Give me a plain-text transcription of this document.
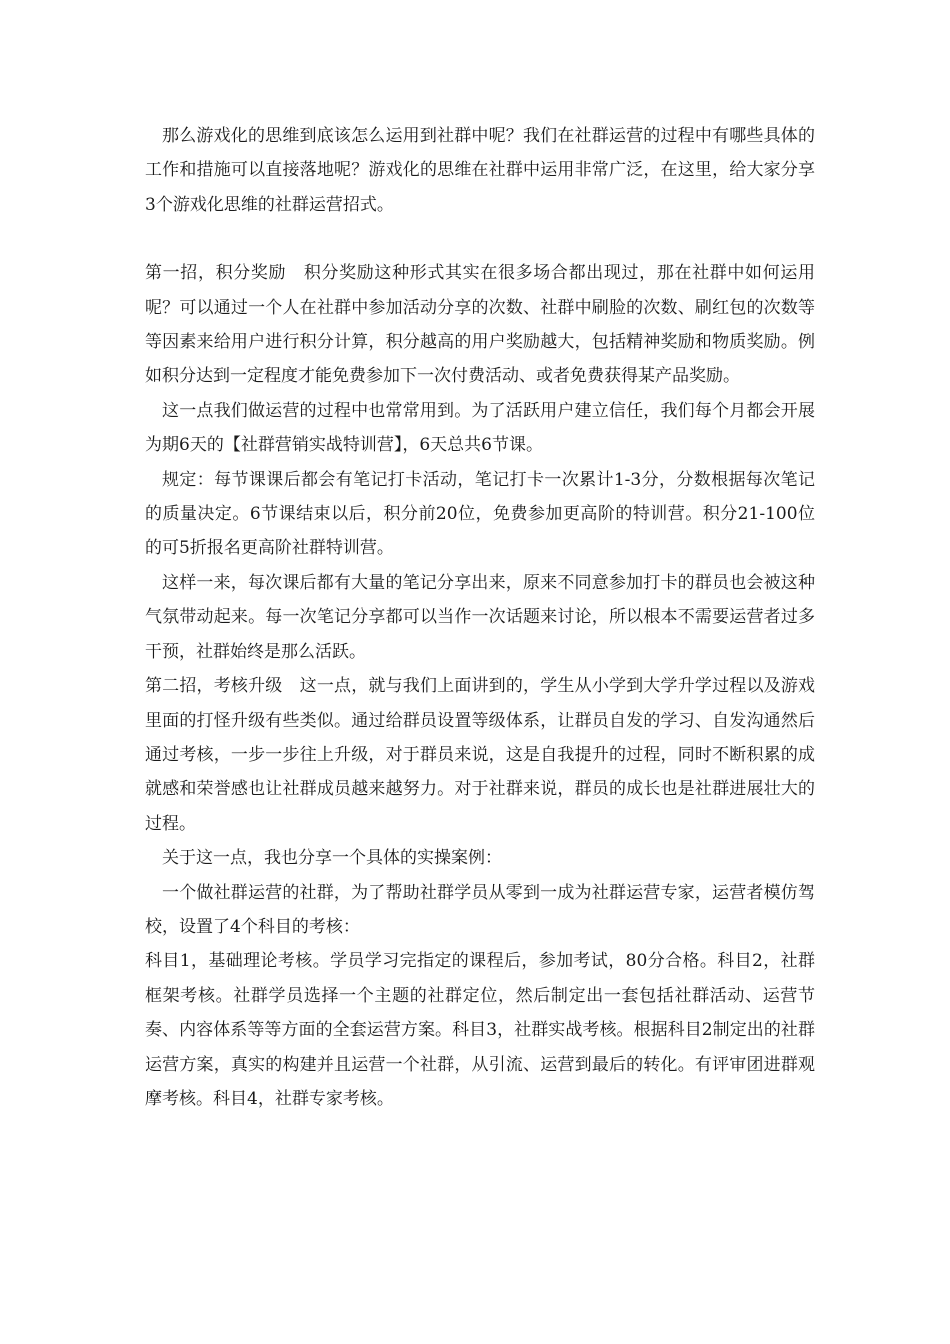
那么游戏化的思维到底该怎么运用到社群中呢？我们在社群运营的过程中有哪些具体的工作和措施可以直接落地呢？游戏化的思维在社群中运用非常广泛，在这里，给大家分享3个游戏化思维的社群运营招式。

第一招，积分奖励　积分奖励这种形式其实在很多场合都出现过，那在社群中如何运用呢？可以通过一个人在社群中参加活动分享的次数、社群中刷脸的次数、刷红包的次数等等因素来给用户进行积分计算，积分越高的用户奖励越大，包括精神奖励和物质奖励。例如积分达到一定程度才能免费参加下一次付费活动、或者免费获得某产品奖励。

这一点我们做运营的过程中也常常用到。为了活跃用户建立信任，我们每个月都会开展为期6天的【社群营销实战特训营】，6天总共6节课。

规定：每节课课后都会有笔记打卡活动，笔记打卡一次累计1-3分，分数根据每次笔记的质量决定。6节课结束以后，积分前20位，免费参加更高阶的特训营。积分21-100位的可5折报名更高阶社群特训营。

这样一来，每次课后都有大量的笔记分享出来，原来不同意参加打卡的群员也会被这种气氛带动起来。每一次笔记分享都可以当作一次话题来讨论，所以根本不需要运营者过多干预，社群始终是那么活跃。

第二招，考核升级　这一点，就与我们上面讲到的，学生从小学到大学升学过程以及游戏里面的打怪升级有些类似。通过给群员设置等级体系，让群员自发的学习、自发沟通然后通过考核，一步一步往上升级，对于群员来说，这是自我提升的过程，同时不断积累的成就感和荣誉感也让社群成员越来越努力。对于社群来说，群员的成长也是社群进展壮大的过程。

关于这一点，我也分享一个具体的实操案例：

一个做社群运营的社群，为了帮助社群学员从零到一成为社群运营专家，运营者模仿驾校，设置了4个科目的考核：

科目1，基础理论考核。学员学习完指定的课程后，参加考试，80分合格。科目2，社群框架考核。社群学员选择一个主题的社群定位，然后制定出一套包括社群活动、运营节奏、内容体系等等方面的全套运营方案。科目3，社群实战考核。根据科目2制定出的社群运营方案，真实的构建并且运营一个社群，从引流、运营到最后的转化。有评审团进群观摩考核。科目4，社群专家考核。
